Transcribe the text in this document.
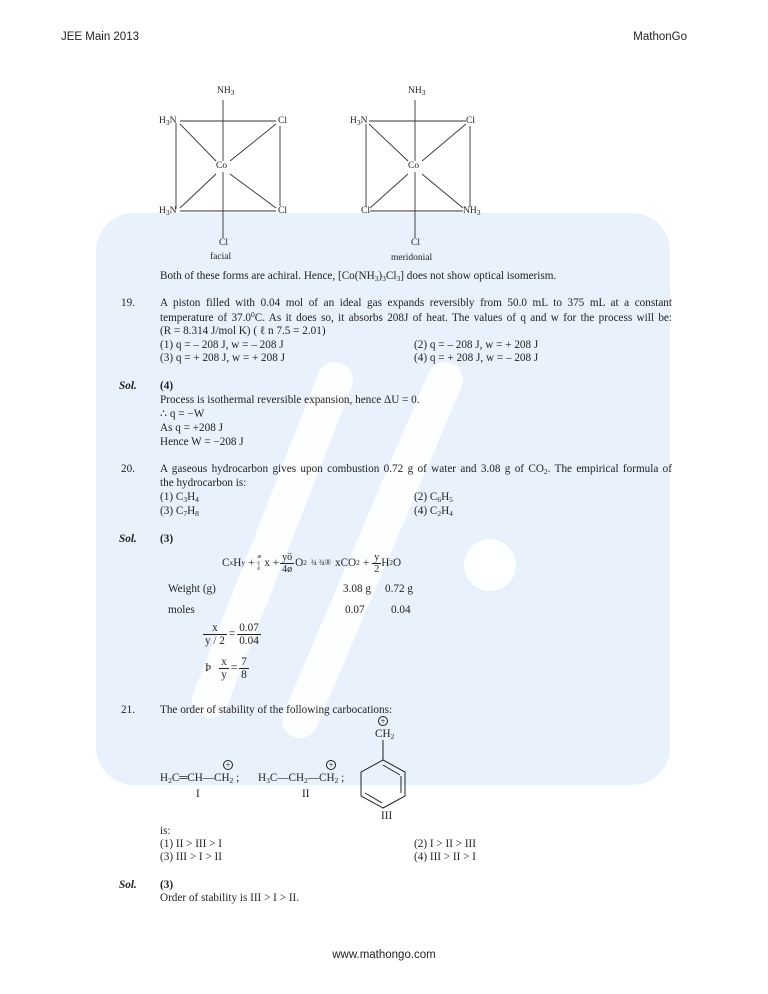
JEE Main 2013	MathonGo
$NH_3$
$H_3N$	Cl
Co
$H_3N$	Cl
Cl
facial
$NH_3$
$H_3N$	Cl
Co
Cl	$NH_3$
Cl
meridonial
Both of these forms are achiral. Hence, $[Co(NH_3)_3Cl_3]$ does not show optical isomerism.
19. A piston filled with 0.04 mol of an ideal gas expands reversibly from 50.0 mL to 375 mL at a constant
temperature of 37.0$^0$C. As it does so, it absorbs 208J of heat. The values of q and w for the process will be:
(R = 8.314 J/mol K) ( ℓ n 7.5 = 2.01)
(1) q = – 208 J, w = – 208 J	(2) q = – 208 J, w = + 208 J
(3) q = + 208 J, w = + 208 J	(4) q = + 208 J, w = – 208 J
Sol. (4)
Process is isothermal reversible expansion, hence ΔU = 0.
∴ q = −W
As q = +208 J
Hence W = −208 J
20. A gaseous hydrocarbon gives upon combustion 0.72 g of water and 3.08 g of $CO_2$. The empirical formula of
the hydrocarbon is:
(1) $C_3H_4$	(2) $C_6H_5$
(3) $C_7H_8$	(4) $C_2H_4$
Sol. (3)
C x H y + æ ç è
$x + \frac{yö}{4ø}$ O 2 ¾ ¾® xCO $2 + \frac{y}{2}$ H 2 O
Weight (g)	3.08 g 0.72 g
moles	0.07 0.04
$\frac{x}{y / 2} = \frac{0.07}{0.04}$
Þ $\frac{x}{y} = \frac{7}{8}$
21. The order of stability of the following carbocations:
+
$H_2C═CH—CH_2$ ;
I
+
$H_3C—CH_2—CH_2$ ;
II
+
$CH_2$
III
is:
(1) II > III > I	(2) I > II > III
(3) III > I > II	(4) III > II > I
Sol. (3)
Order of stability is III > I > II.
www.mathongo.com
